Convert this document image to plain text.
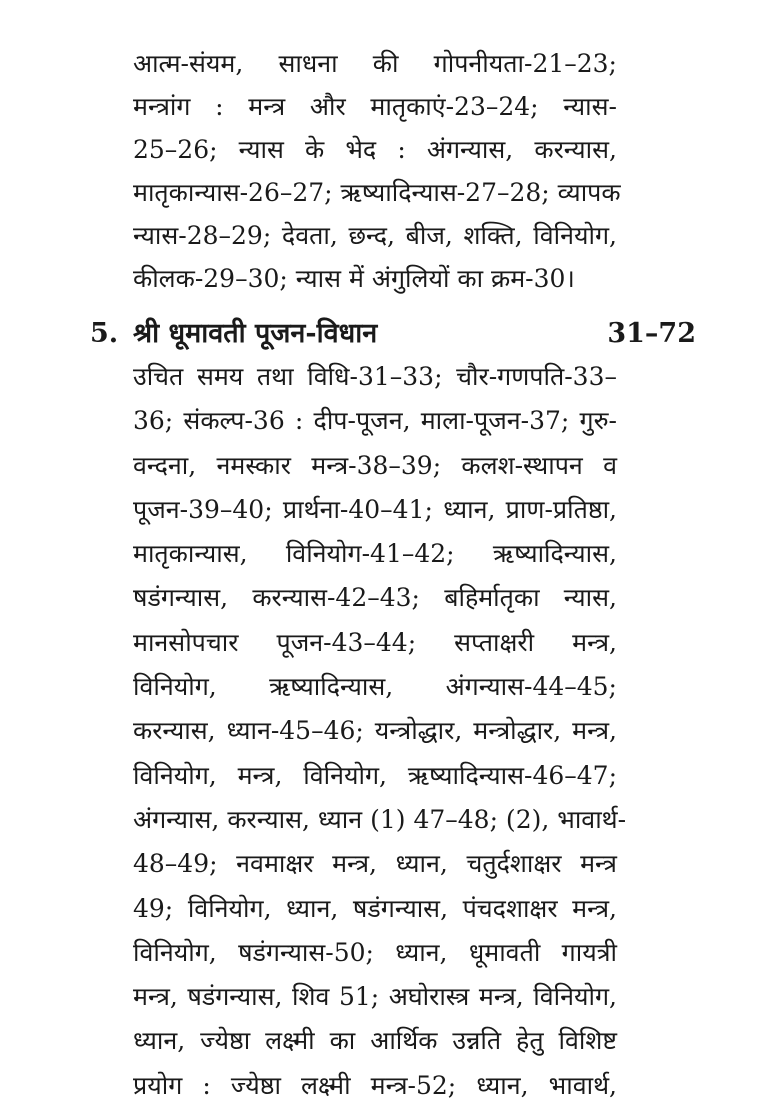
आत्म-संयम, साधना की गोपनीयता-21–23;
मन्त्रांग : मन्त्र और मातृकाएं-23–24; न्यास-
25–26; न्यास के भेद : अंगन्यास, करन्यास,
मातृकान्यास-26–27; ऋष्यादिन्यास-27–28; व्यापक
न्यास-28–29; देवता, छन्द, बीज, शक्ति, विनियोग,
कीलक-29–30; न्यास में अंगुलियों का क्रम-30।
5. श्री धूमावती पूजन-विधान	31–72
उचित समय तथा विधि-31–33; चौर-गणपति-33–
36; संकल्प-36 : दीप-पूजन, माला-पूजन-37; गुरु-
वन्दना, नमस्कार मन्त्र-38–39; कलश-स्थापन व
पूजन-39–40; प्रार्थना-40–41; ध्यान, प्राण-प्रतिष्ठा,
मातृकान्यास, विनियोग-41–42; ऋष्यादिन्यास,
षडंगन्यास, करन्यास-42–43; बहिर्मातृका न्यास,
मानसोपचार पूजन-43–44; सप्ताक्षरी मन्त्र,
विनियोग, ऋष्यादिन्यास, अंगन्यास-44–45;
करन्यास, ध्यान-45–46; यन्त्रोद्धार, मन्त्रोद्धार, मन्त्र,
विनियोग, मन्त्र, विनियोग, ऋष्यादिन्यास-46–47;
अंगन्यास, करन्यास, ध्यान (1) 47–48; (2), भावार्थ-
48–49; नवमाक्षर मन्त्र, ध्यान, चतुर्दशाक्षर मन्त्र
49; विनियोग, ध्यान, षडंगन्यास, पंचदशाक्षर मन्त्र,
विनियोग, षडंगन्यास-50; ध्यान, धूमावती गायत्री
मन्त्र, षडंगन्यास, शिव 51; अघोरास्त्र मन्त्र, विनियोग,
ध्यान, ज्येष्ठा लक्ष्मी का आर्थिक उन्नति हेतु विशिष्ट
प्रयोग : ज्येष्ठा लक्ष्मी मन्त्र-52; ध्यान, भावार्थ,
